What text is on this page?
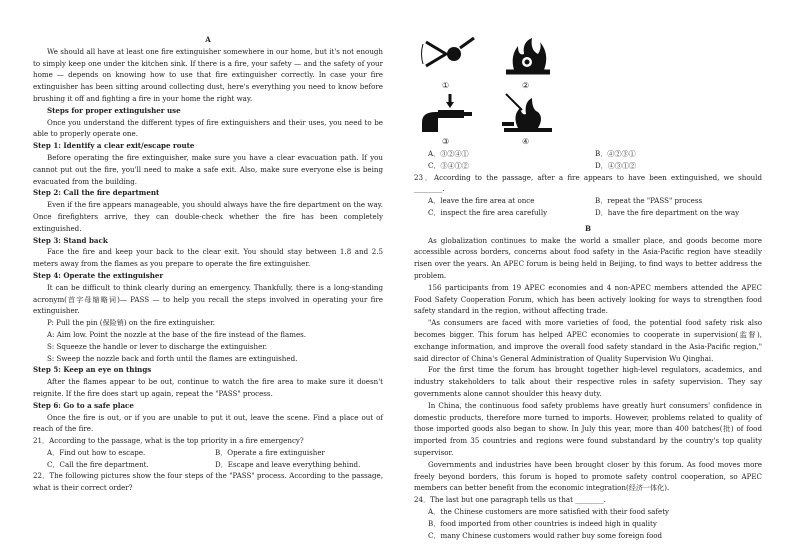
A

We should all have at least one fire extinguisher somewhere in our home, but it's not enough to simply keep one under the kitchen sink. If there is a fire, your safety — and the safety of your home — depends on knowing how to use that fire extinguisher correctly. In case your fire extinguisher has been sitting around collecting dust, here's everything you need to know before brushing it off and fighting a fire in your home the right way.

Steps for proper extinguisher use

Once you understand the different types of fire extinguishers and their uses, you need to be able to properly operate one.

Step 1: Identify a clear exit/escape route

Before operating the fire extinguisher, make sure you have a clear evacuation path. If you cannot put out the fire, you'll need to make a safe exit. Also, make sure everyone else is being evacuated from the building.

Step 2: Call the fire department

Even if the fire appears manageable, you should always have the fire department on the way. Once firefighters arrive, they can double-check whether the fire has been completely extinguished.

Step 3: Stand back

Face the fire and keep your back to the clear exit. You should stay between 1.8 and 2.5 meters away from the flames as you prepare to operate the fire extinguisher.

Step 4: Operate the extinguisher

It can be difficult to think clearly during an emergency. Thankfully, there is a long-standing acronym(首字母缩略词)— PASS — to help you recall the steps involved in operating your fire extinguisher.

P: Pull the pin (保险销) on the fire extinguisher.

A: Aim low. Point the nozzle at the base of the fire instead of the flames.

S: Squeeze the handle or lever to discharge the extinguisher.

S: Sweep the nozzle back and forth until the flames are extinguished.

Step 5: Keep an eye on things

After the flames appear to be out, continue to watch the fire area to make sure it doesn't reignite. If the fire does start up again, repeat the "PASS" process.

Step 6: Go to a safe place

Once the fire is out, or if you are unable to put it out, leave the scene. Find a place out of reach of the fire.

21．According to the passage, what is the top priority in a fire emergency?

A．Find out how to escape.	B．Operate a fire extinguisher
C．Call the fire department.	D．Escape and leave everything behind.

22．The following pictures show the four steps of the "PASS" process. According to the passage, what is their correct order?

①	②
③	④
A．③②④①	B．④②③①
C．③④①②	D．④③①②

23．According to the passage, after a fire appears to have been extinguished, we should ________.

A．leave the fire area at once	B．repeat the "PASS" process
C．inspect the fire area carefully	D．have the fire department on the way
B

As globalization continues to make the world a smaller place, and goods become more accessible across borders, concerns about food safety in the Asia-Pacific region have steadily risen over the years. An APEC forum is being held in Beijing, to find ways to better address the problem.

156 participants from 19 APEC economies and 4 non-APEC members attended the APEC Food Safety Cooperation Forum, which has been actively looking for ways to strengthen food safety standard in the region, without affecting trade.

"As consumers are faced with more varieties of food, the potential food safety risk also becomes bigger. This forum has helped APEC economies to cooperate in supervision(监督), exchange information, and improve the overall food safety standard in the Asia-Pacific region," said director of China's General Administration of Quality Supervision Wu Qinghai.

For the first time the forum has brought together high-level regulators, academics, and industry stakeholders to talk about their respective roles in safety supervision. They say governments alone cannot shoulder this heavy duty.

In China, the continuous food safety problems have greatly hurt consumers' confidence in domestic products, therefore more turned to imports. However, problems related to quality of those imported goods also began to show. In July this year, more than 400 batches(批) of food imported from 35 countries and regions were found substandard by the country's top quality supervisor.

Governments and industries have been brought closer by this forum. As food moves more freely beyond borders, this forum is hoped to promote safety control cooperation, so APEC members can better benefit from the economic integration(经济一体化).

24．The last but one paragraph tells us that ________.

A．the Chinese customers are more satisfied with their food safety

B．food imported from other countries is indeed high in quality

C．many Chinese customers would rather buy some foreign food
